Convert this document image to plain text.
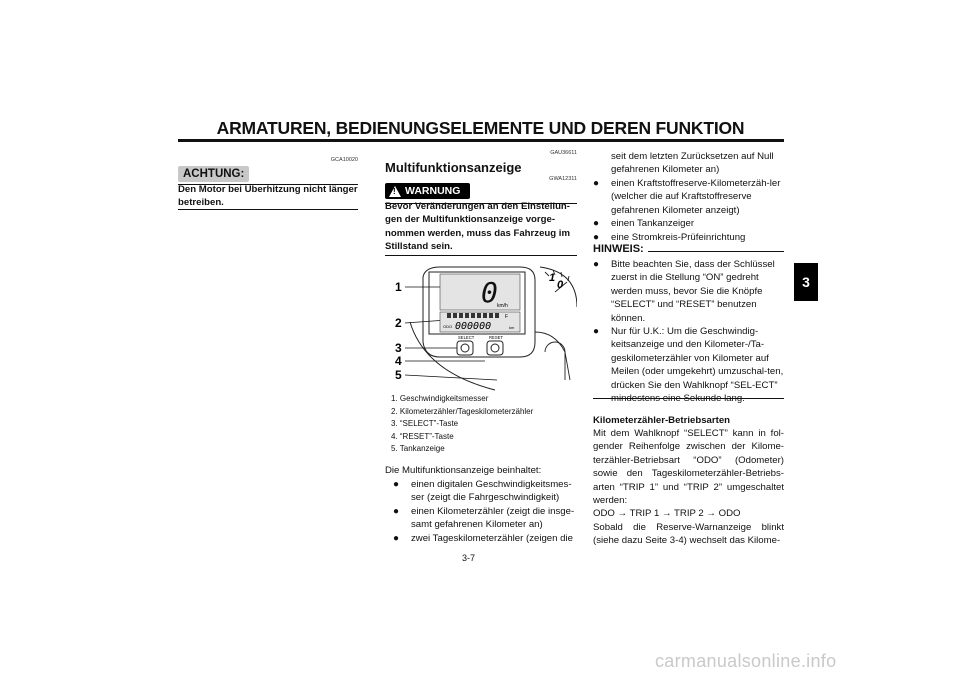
ARMATUREN, BEDIENUNGSELEMENTE UND DEREN FUNKTION
3
GCA10020
ACHTUNG:
Den Motor bei Überhitzung nicht länger betreiben.
GAU36611
Multifunktionsanzeige
GWA12311
!
WARNUNG
Bevor Veränderungen an den Einstellun-gen der Multifunktionsanzeige vorge-nommen werden, muss das Fahrzeug im Stillstand sein.
1
2
3
4
5
0 km/h
F
ODO 000000	km
SELECT	RESET
1
0
1. Geschwindigkeitsmesser
2. Kilometerzähler/Tageskilometerzähler
3. “SELECT”-Taste
4. “RESET”-Taste
5. Tankanzeige
Die Multifunktionsanzeige beinhaltet:
● einen digitalen Geschwindigkeitsmes-ser (zeigt die Fahrgeschwindigkeit)
● einen Kilometerzähler (zeigt die insge-samt gefahrenen Kilometer an)
● zwei Tageskilometerzähler (zeigen die
seit dem letzten Zurücksetzen auf Null gefahrenen Kilometer an)
● einen Kraftstoffreserve-Kilometerzäh-ler (welcher die auf Kraftstoffreserve gefahrenen Kilometer anzeigt)
● einen Tankanzeiger
● eine Stromkreis-Prüfeinrichtung
HINWEIS:
● Bitte beachten Sie, dass der Schlüssel zuerst in die Stellung “ON” gedreht werden muss, bevor Sie die Knöpfe “SELECT” und “RESET” benutzen können.
● Nur für U.K.: Um die Geschwindig-keitsanzeige und den Kilometer-/Ta-geskilometerzähler von Kilometer auf Meilen (oder umgekehrt) umzuschal-ten, drücken Sie den Wahlknopf “SEL-ECT”
Kilometerzähler-Betriebsarten
Mit dem Wahlknopf “SELECT” kann in fol-gender Reihenfolge zwischen der Kilome-terzähler-Betriebsart “ODO” (Odometer) sowie den Tageskilometerzähler-Betriebs-arten “TRIP 1” und “TRIP 2” umgeschaltet werden:
ODO → TRIP 1 → TRIP 2 → ODO
Sobald die Reserve-Warnanzeige blinkt (siehe dazu Seite 3-4) wechselt das Kilome-
3-7
carmanualsonline.info
